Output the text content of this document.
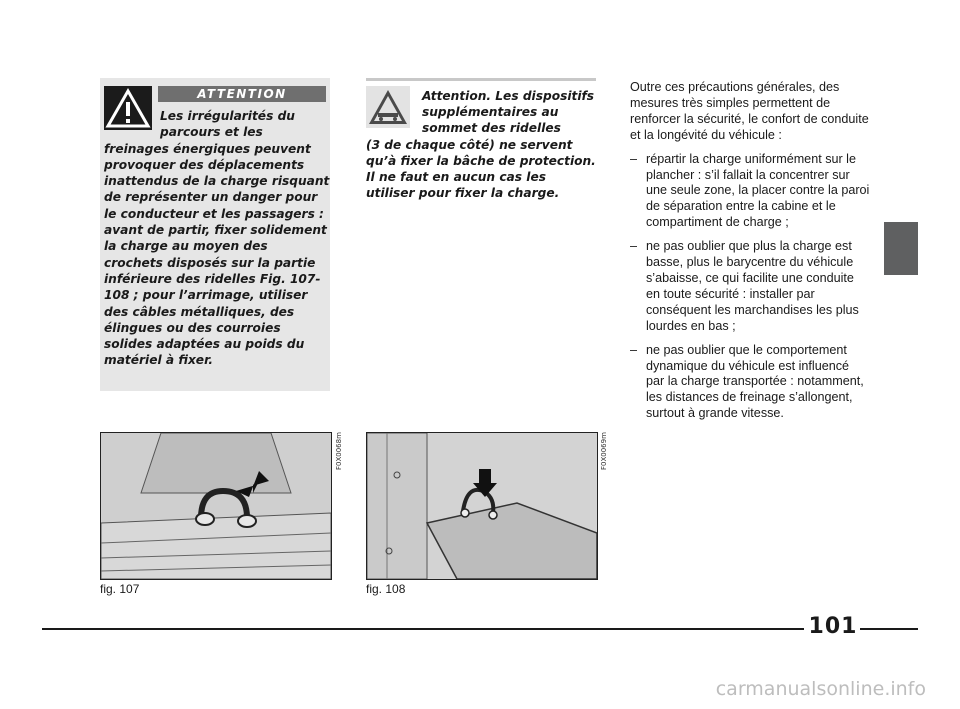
ATTENTION

Les irrégularités du
parcours et les
freinages énergiques peuvent provoquer des déplacements inattendus de la charge risquant de représenter un danger pour le conducteur et les passagers : avant de partir, fixer solidement la charge au moyen des crochets disposés sur la partie inférieure des ridelles Fig. 107-108 ; pour l’arrimage, utiliser des câbles métalliques, des élingues ou des courroies solides adaptées au poids du matériel à fixer.

Attention. Les dispositifs
supplémentaires au
sommet des ridelles
(3 de chaque côté) ne servent qu’à fixer la bâche de protection. Il ne faut en aucun cas les utiliser pour fixer la charge.

Outre ces précautions générales, des mesures très simples permettent de renforcer la sécurité, le confort de conduite et la longévité du véhicule :

– répartir la charge uniformément sur le plancher : s’il fallait la concentrer sur une seule zone, la placer contre la paroi de séparation entre la cabine et le compartiment de charge ;
– ne pas oublier que plus la charge est basse, plus le barycentre du véhicule s’abaisse, ce qui facilite une conduite en toute sécurité : installer par conséquent les marchandises les plus lourdes en bas ;
– ne pas oublier que le comportement dynamique du véhicule est influencé par la charge transportée : notamment, les distances de freinage s’allongent, surtout à grande vitesse.
F0X0068m
fig. 107
F0X0069m
fig. 108
101
carmanualsonline.info
